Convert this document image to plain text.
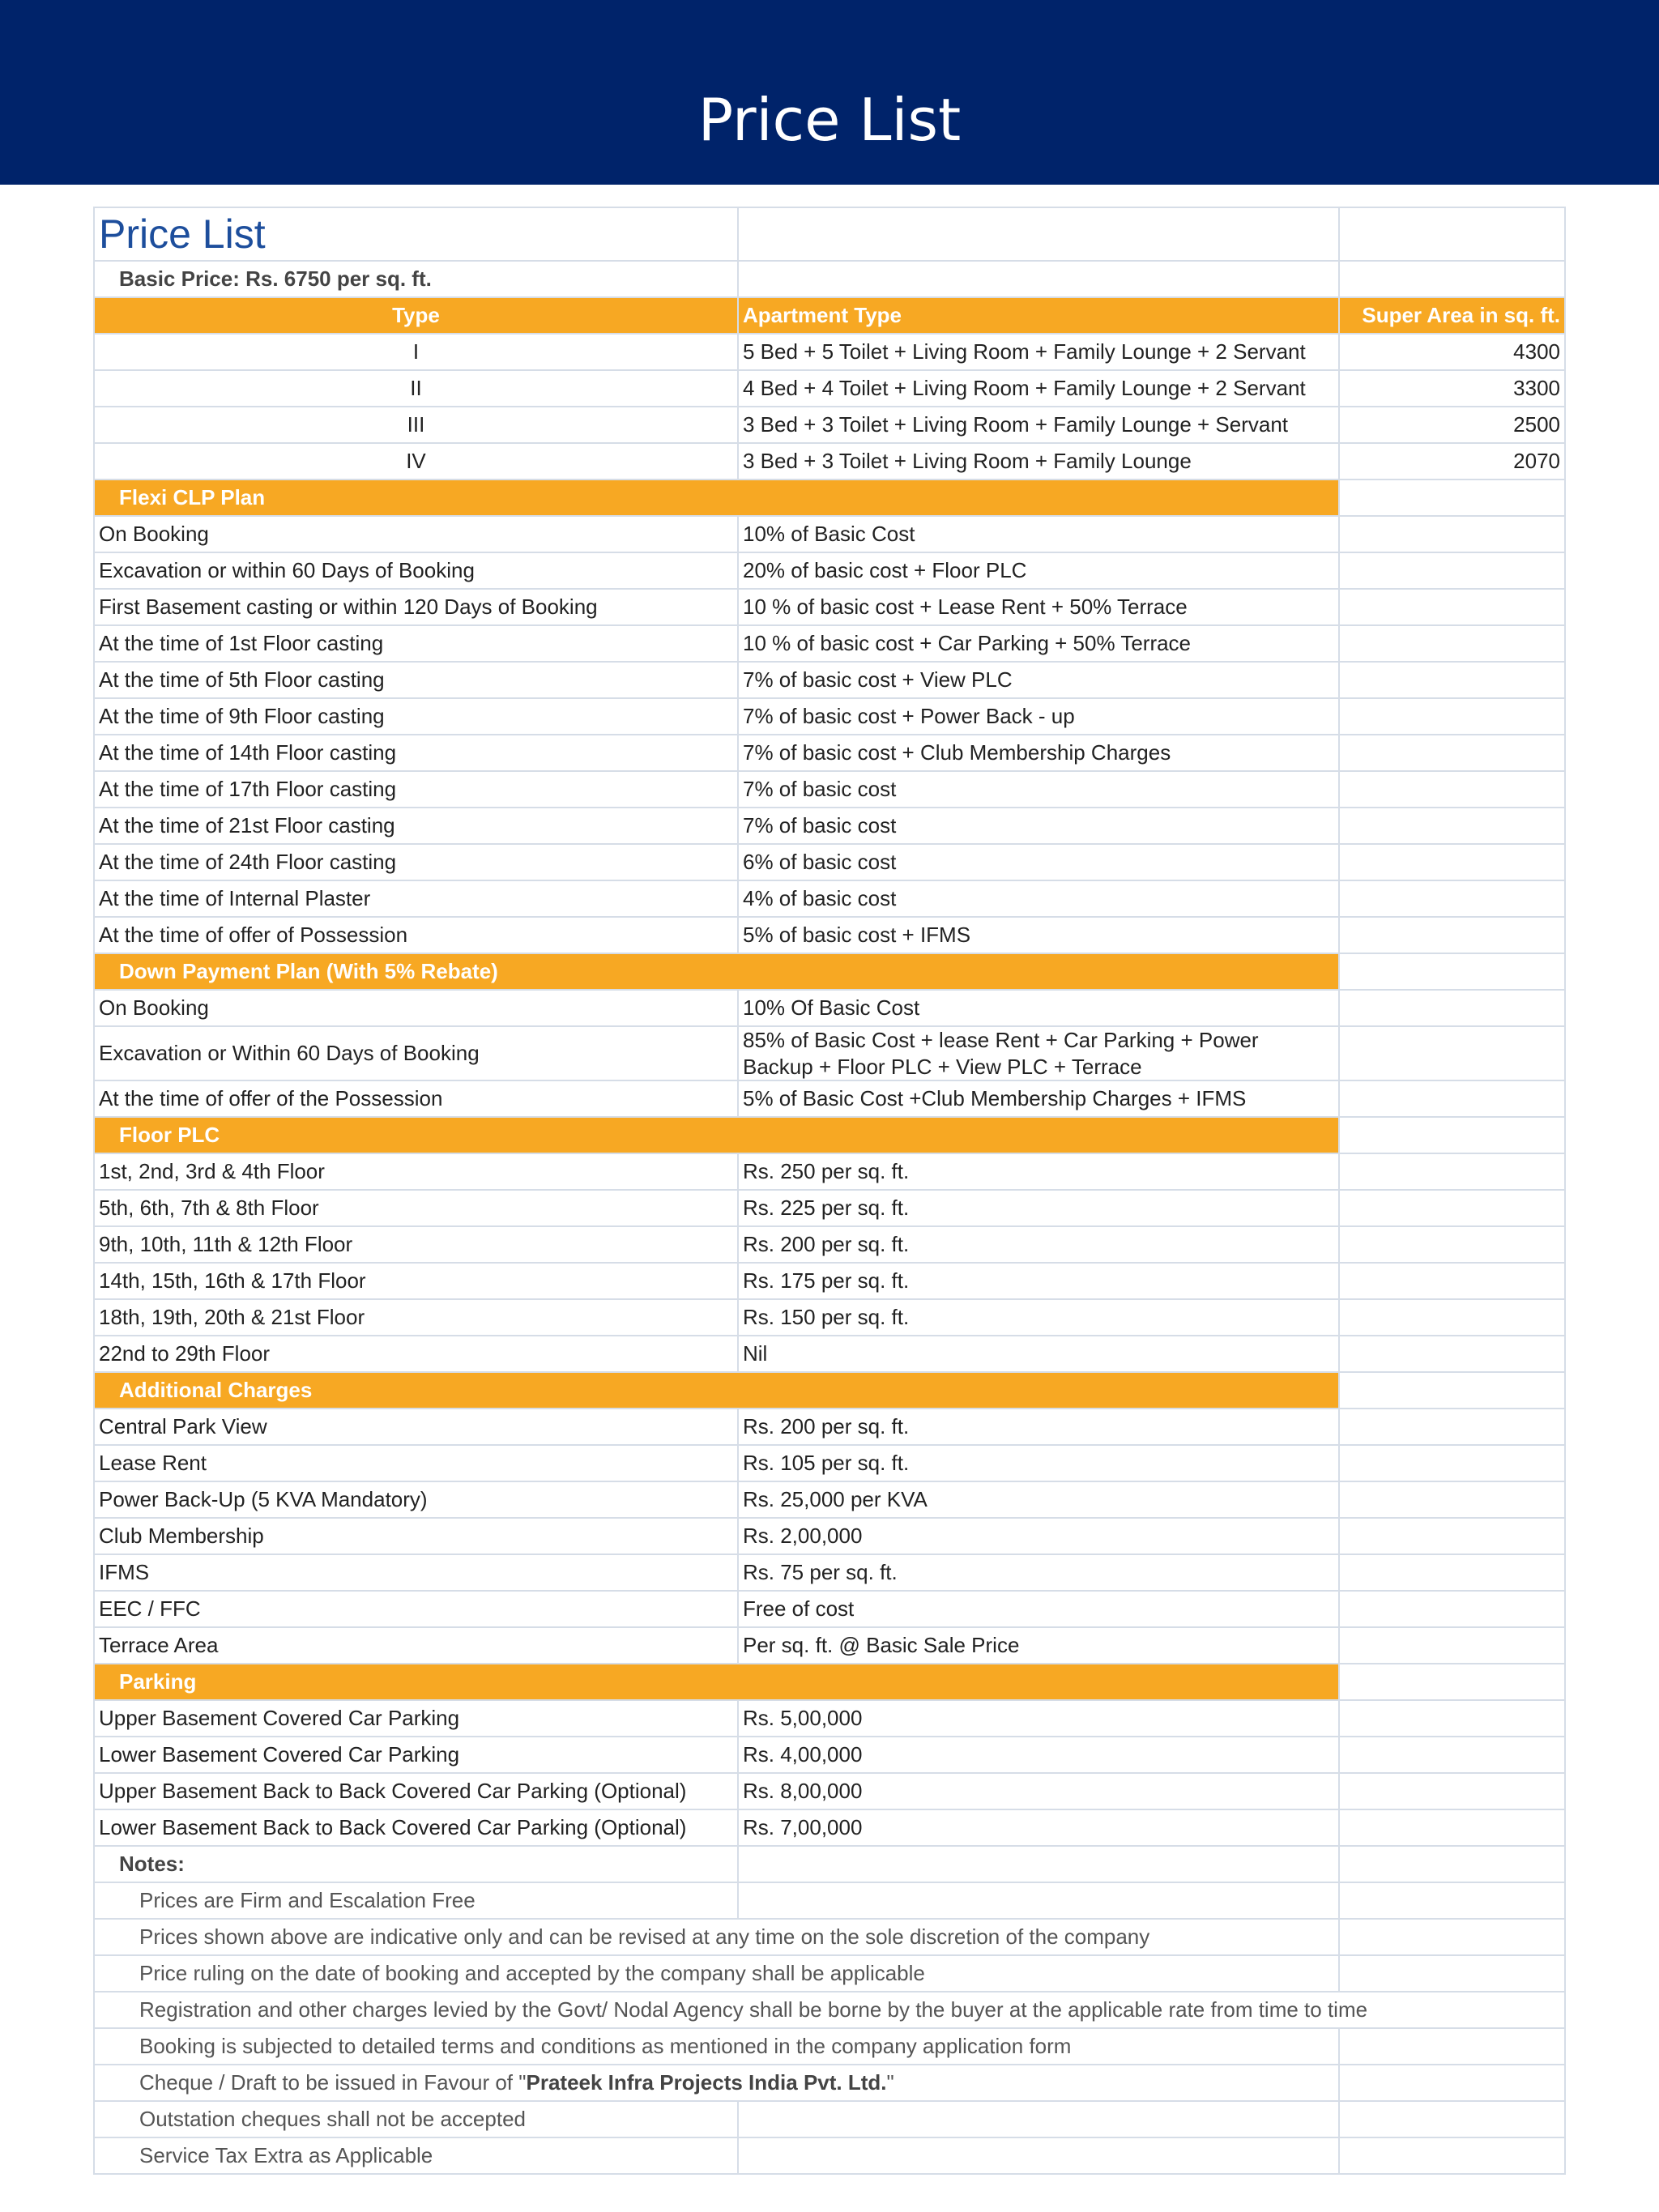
Price List
Price List		
Basic Price: Rs. 6750 per sq. ft.		
Type	Apartment Type	Super Area in sq. ft.
I	5 Bed + 5 Toilet + Living Room + Family Lounge + 2 Servant	4300
II	4 Bed + 4 Toilet + Living Room + Family Lounge + 2 Servant	3300
III	3 Bed + 3 Toilet + Living Room + Family Lounge + Servant	2500
IV	3 Bed + 3 Toilet + Living Room + Family Lounge	2070
Flexi CLP Plan		
On Booking	10% of Basic Cost	
Excavation or within 60 Days of Booking	20% of basic cost + Floor PLC	
First Basement casting or within 120 Days of Booking	10 % of basic cost + Lease Rent + 50% Terrace	
At the time of 1st Floor casting	10 % of basic cost + Car Parking + 50% Terrace	
At the time of 5th Floor casting	7% of basic cost + View PLC	
At the time of 9th Floor casting	7% of basic cost + Power Back - up	
At the time of 14th Floor casting	7% of basic cost + Club Membership Charges	
At the time of 17th Floor casting	7% of basic cost	
At the time of 21st Floor casting	7% of basic cost	
At the time of 24th Floor casting	6% of basic cost	
At the time of Internal Plaster	4% of basic cost	
At the time of offer of Possession	5% of basic cost + IFMS	
Down Payment Plan (With 5% Rebate)		
On Booking	10% Of Basic Cost	
Excavation or Within 60 Days of Booking	85% of Basic Cost + lease Rent + Car Parking + Power Backup + Floor PLC + View PLC + Terrace	
At the time of offer of the Possession	5% of Basic Cost +Club Membership Charges + IFMS	
Floor PLC		
1st, 2nd, 3rd & 4th Floor	Rs. 250 per sq. ft.	
5th, 6th, 7th & 8th Floor	Rs. 225 per sq. ft.	
9th, 10th, 11th & 12th Floor	Rs. 200 per sq. ft.	
14th, 15th, 16th & 17th Floor	Rs. 175 per sq. ft.	
18th, 19th, 20th & 21st Floor	Rs. 150 per sq. ft.	
22nd to 29th Floor	Nil	
Additional Charges		
Central Park View	Rs. 200 per sq. ft.	
Lease Rent	Rs. 105 per sq. ft.	
Power Back-Up (5 KVA Mandatory)	Rs. 25,000 per KVA	
Club Membership	Rs. 2,00,000	
IFMS	Rs. 75 per sq. ft.	
EEC / FFC	Free of cost	
Terrace Area	Per sq. ft. @ Basic Sale Price	
Parking		
Upper Basement Covered Car Parking	Rs. 5,00,000	
Lower Basement Covered Car Parking	Rs. 4,00,000	
Upper Basement Back to Back Covered Car Parking (Optional)	Rs. 8,00,000	
Lower Basement Back to Back Covered Car Parking (Optional)	Rs. 7,00,000	
Notes:		
Prices are Firm and Escalation Free		
Prices shown above are indicative only and can be revised at any time on the sole discretion of the company		
Price ruling on the date of booking and accepted by the company shall be applicable		
Registration and other charges levied by the Govt/ Nodal Agency shall be borne by the buyer at the applicable rate from time to time		
Booking is subjected to detailed terms and conditions as mentioned in the company application form		
Cheque / Draft to be issued in Favour of "Prateek Infra Projects India Pvt. Ltd."		
Outstation cheques shall not be accepted		
Service Tax Extra as Applicable		
